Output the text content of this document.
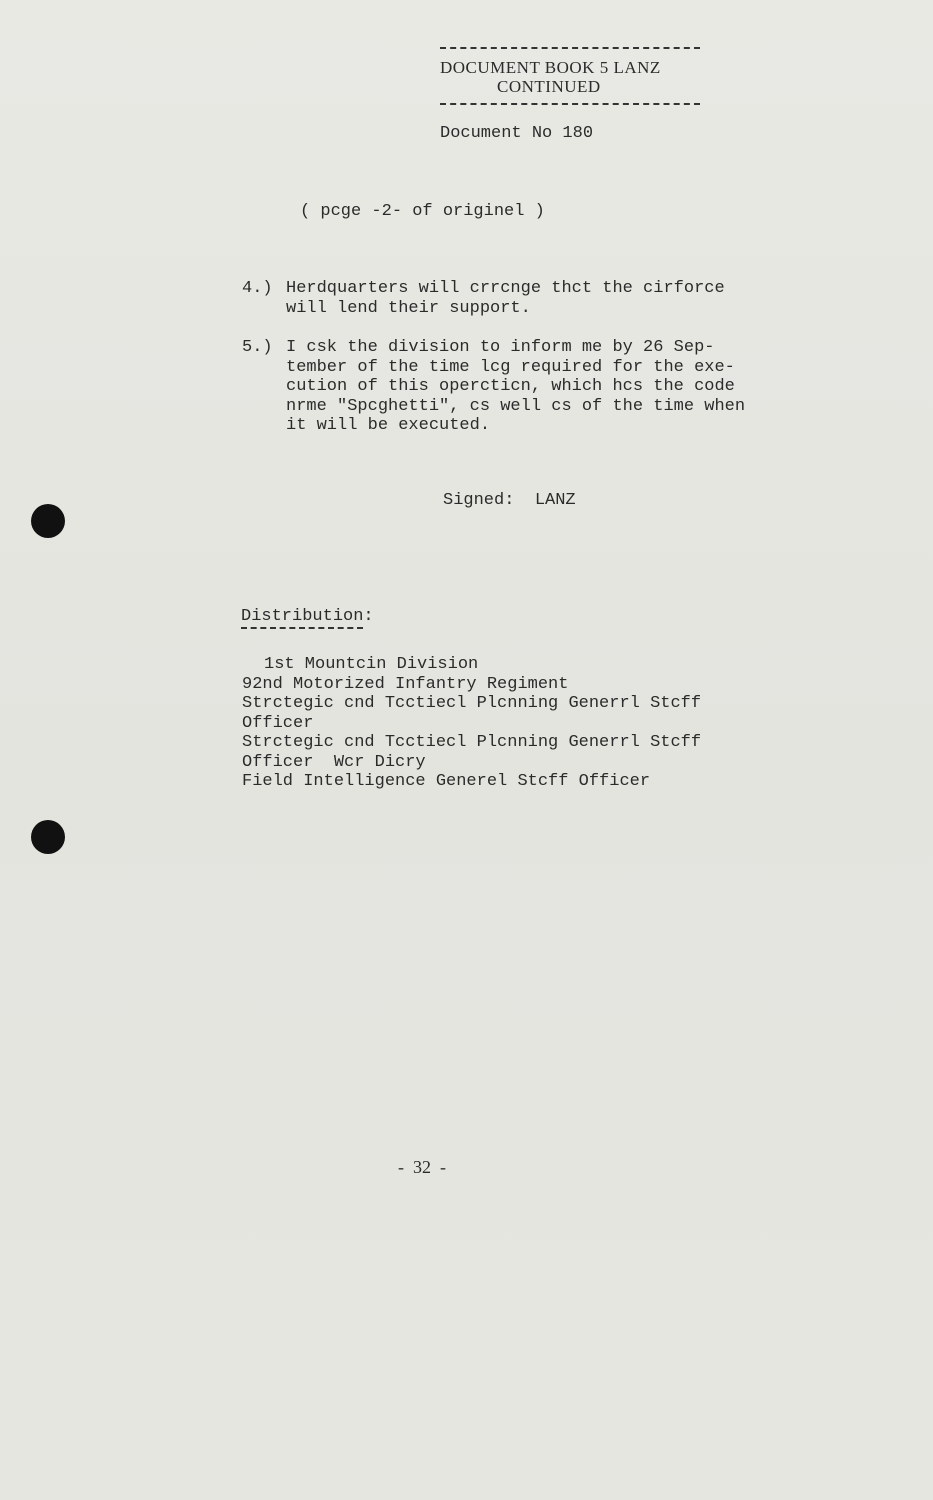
DOCUMENT BOOK 5 LANZ
CONTINUED
Document No 180
( pcge -2- of originel )
4.) Herdquarters will crrcnge thct the cirforce
will lend their support.
5.) I csk the division to inform me by 26 Sep-
tember of the time lcg required for the exe-
cution of this opercticn, which hcs the code
nrme "Spcghetti", cs well cs of the time when
it will be executed.
Signed:  LANZ
Distribution:
1st Mountcin Division
92nd Motorized Infantry Regiment
Strctegic cnd Tcctiecl Plcnning Generrl Stcff
Officer
Strctegic cnd Tcctiecl Plcnning Generrl Stcff
Officer  Wcr Dicry
Field Intelligence Generel Stcff Officer
-  32  -
